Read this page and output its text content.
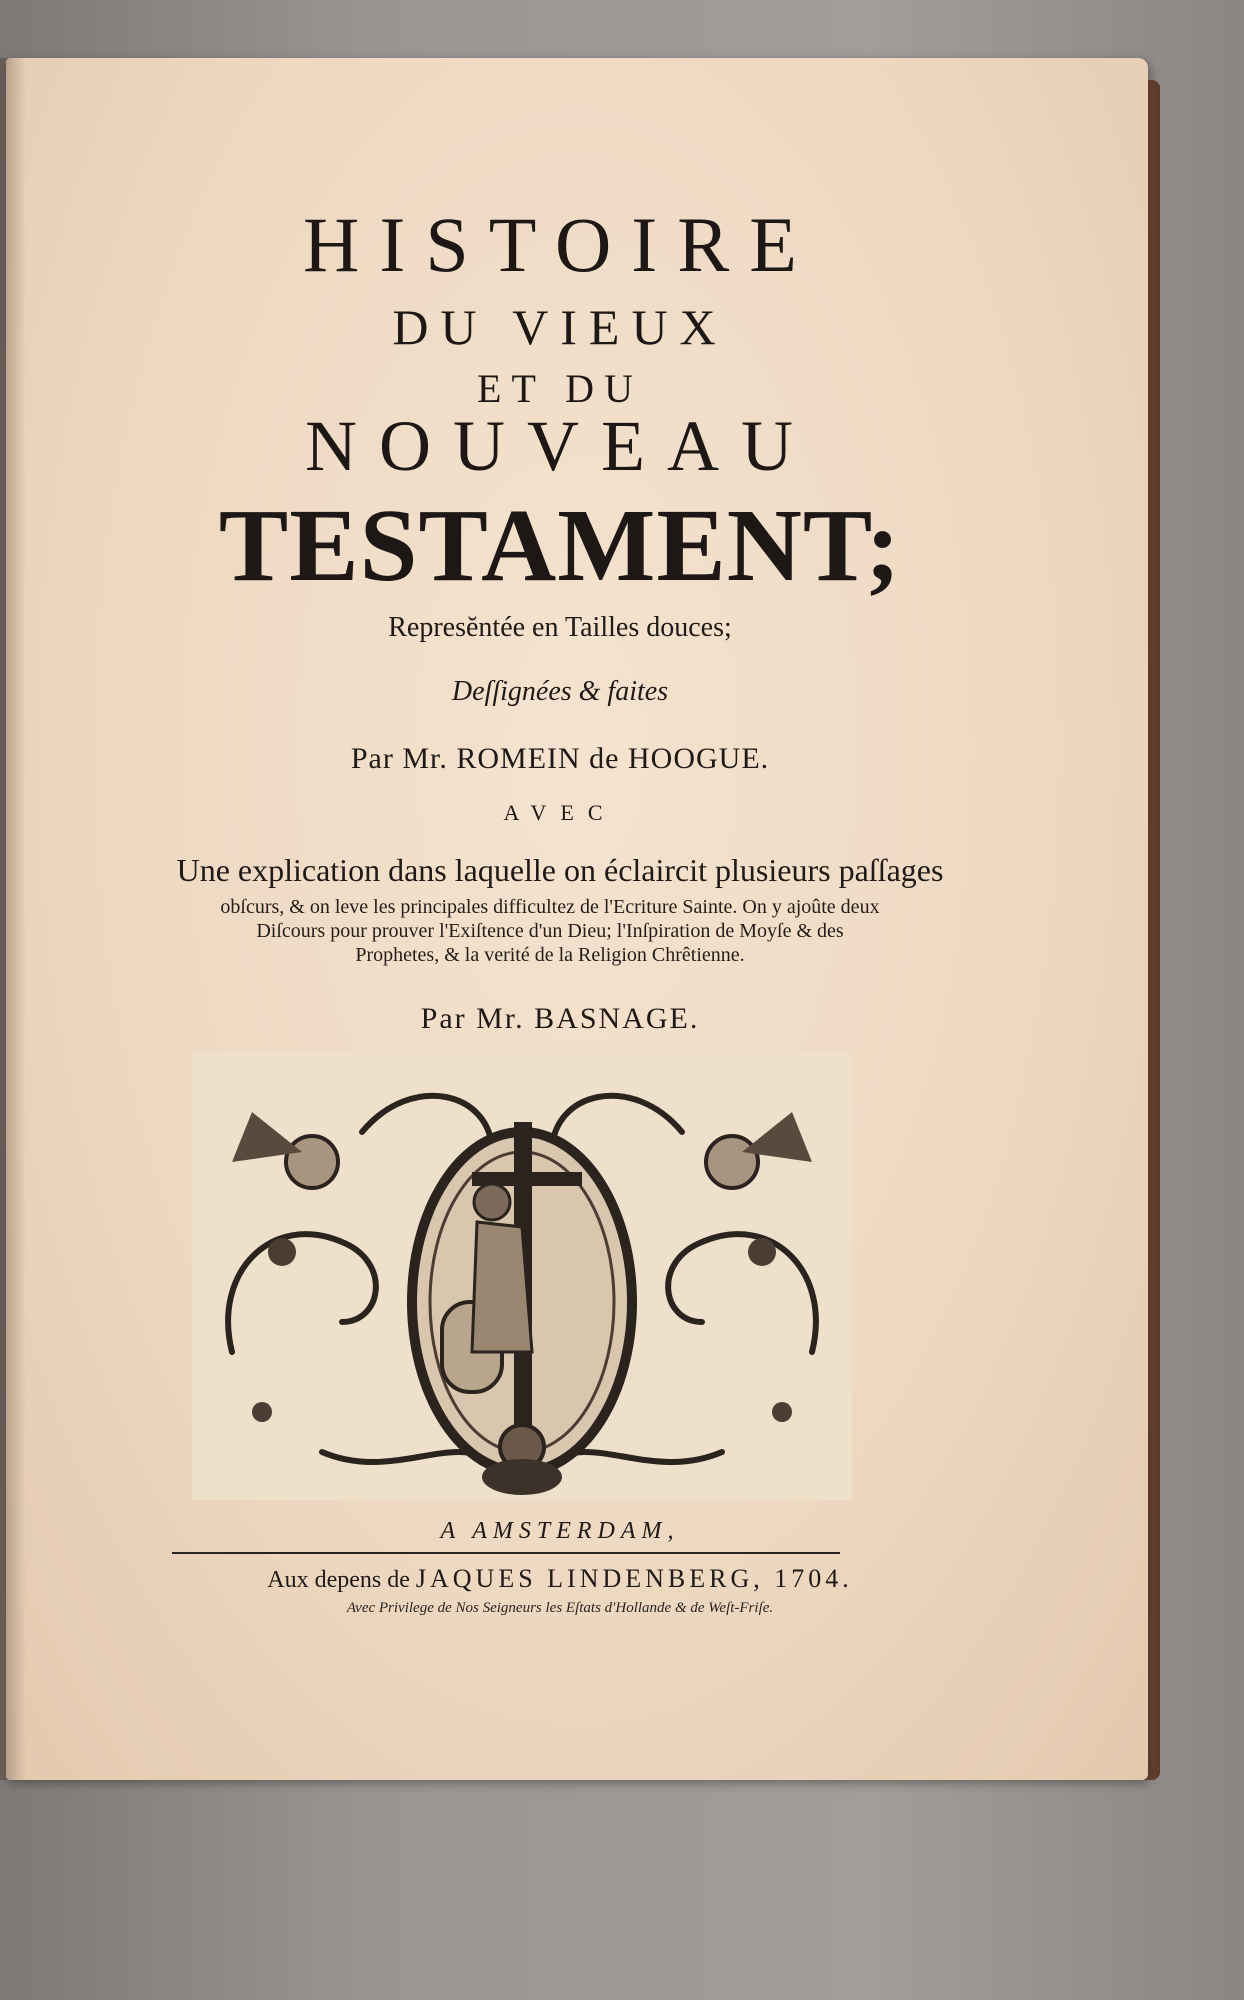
HISTOIRE
DU VIEUX
ET DU
NOUVEAU
TESTAMENT;
Represĕntée en Tailles douces;
Deſſignées & faites
Par Mr. ROMEIN de HOOGUE.
AVEC
Une explication dans laquelle on éclaircit plusieurs paſſages
obſcurs, & on leve les principales difficultez de l'Ecriture Sainte. On y ajoûte deux
Diſcours pour prouver l'Exiſtence d'un Dieu; l'Inſpiration de Moyſe & des
Prophetes, & la verité de la Religion Chrêtienne.
Par Mr. BASNAGE.
A AMSTERDAM,
Aux depens de JAQUES LINDENBERG, 1704.
Avec Privilege de Nos Seigneurs les Eſtats d'Hollande & de Weſt-Friſe.
